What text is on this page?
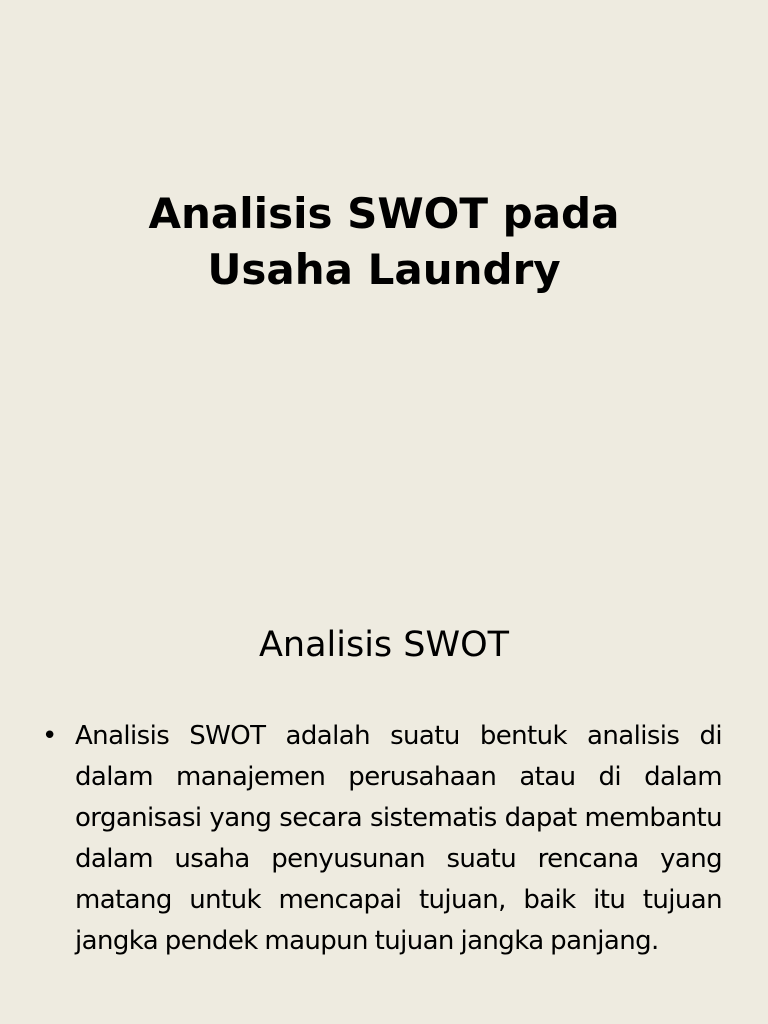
Analisis SWOT pada
Usaha Laundry
Analisis SWOT
• Analisis SWOT adalah suatu bentuk analisis di dalam manajemen perusahaan atau di dalam organisasi yang secara sistematis dapat membantu dalam usaha penyusunan suatu rencana yang matang untuk mencapai tujuan, baik itu tujuan jangka pendek maupun tujuan jangka panjang.
